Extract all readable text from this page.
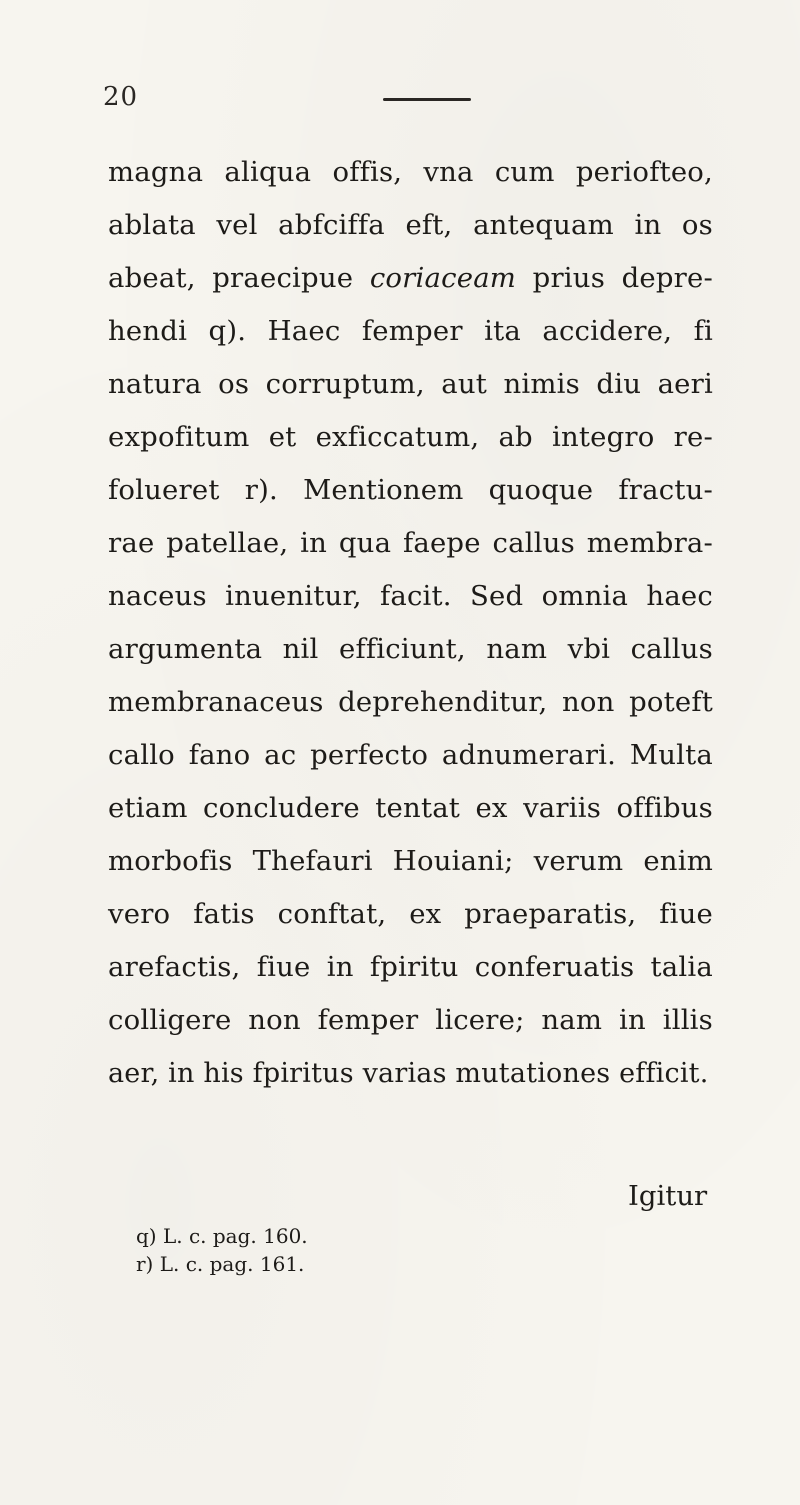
20
magna aliqua offis, vna cum periofteo,
ablata vel abfciffa eft, antequam in os
abeat, praecipue coriaceam prius depre-
hendi q). Haec femper ita accidere, fi
natura os corruptum, aut nimis diu aeri
expofitum et exficcatum, ab integro re-
folueret r). Mentionem quoque fractu-
rae patellae, in qua faepe callus membra-
naceus inuenitur, facit. Sed omnia haec
argumenta nil efficiunt, nam vbi callus
membranaceus deprehenditur, non poteft
callo fano ac perfecto adnumerari. Multa
etiam concludere tentat ex variis offibus
morbofis Thefauri Houiani; verum enim
vero fatis conftat, ex praeparatis, fiue
arefactis, fiue in fpiritu conferuatis talia
colligere non femper licere; nam in illis
aer, in his fpiritus varias mutationes efficit.
Igitur
q) L. c. pag. 160.
r) L. c. pag. 161.
